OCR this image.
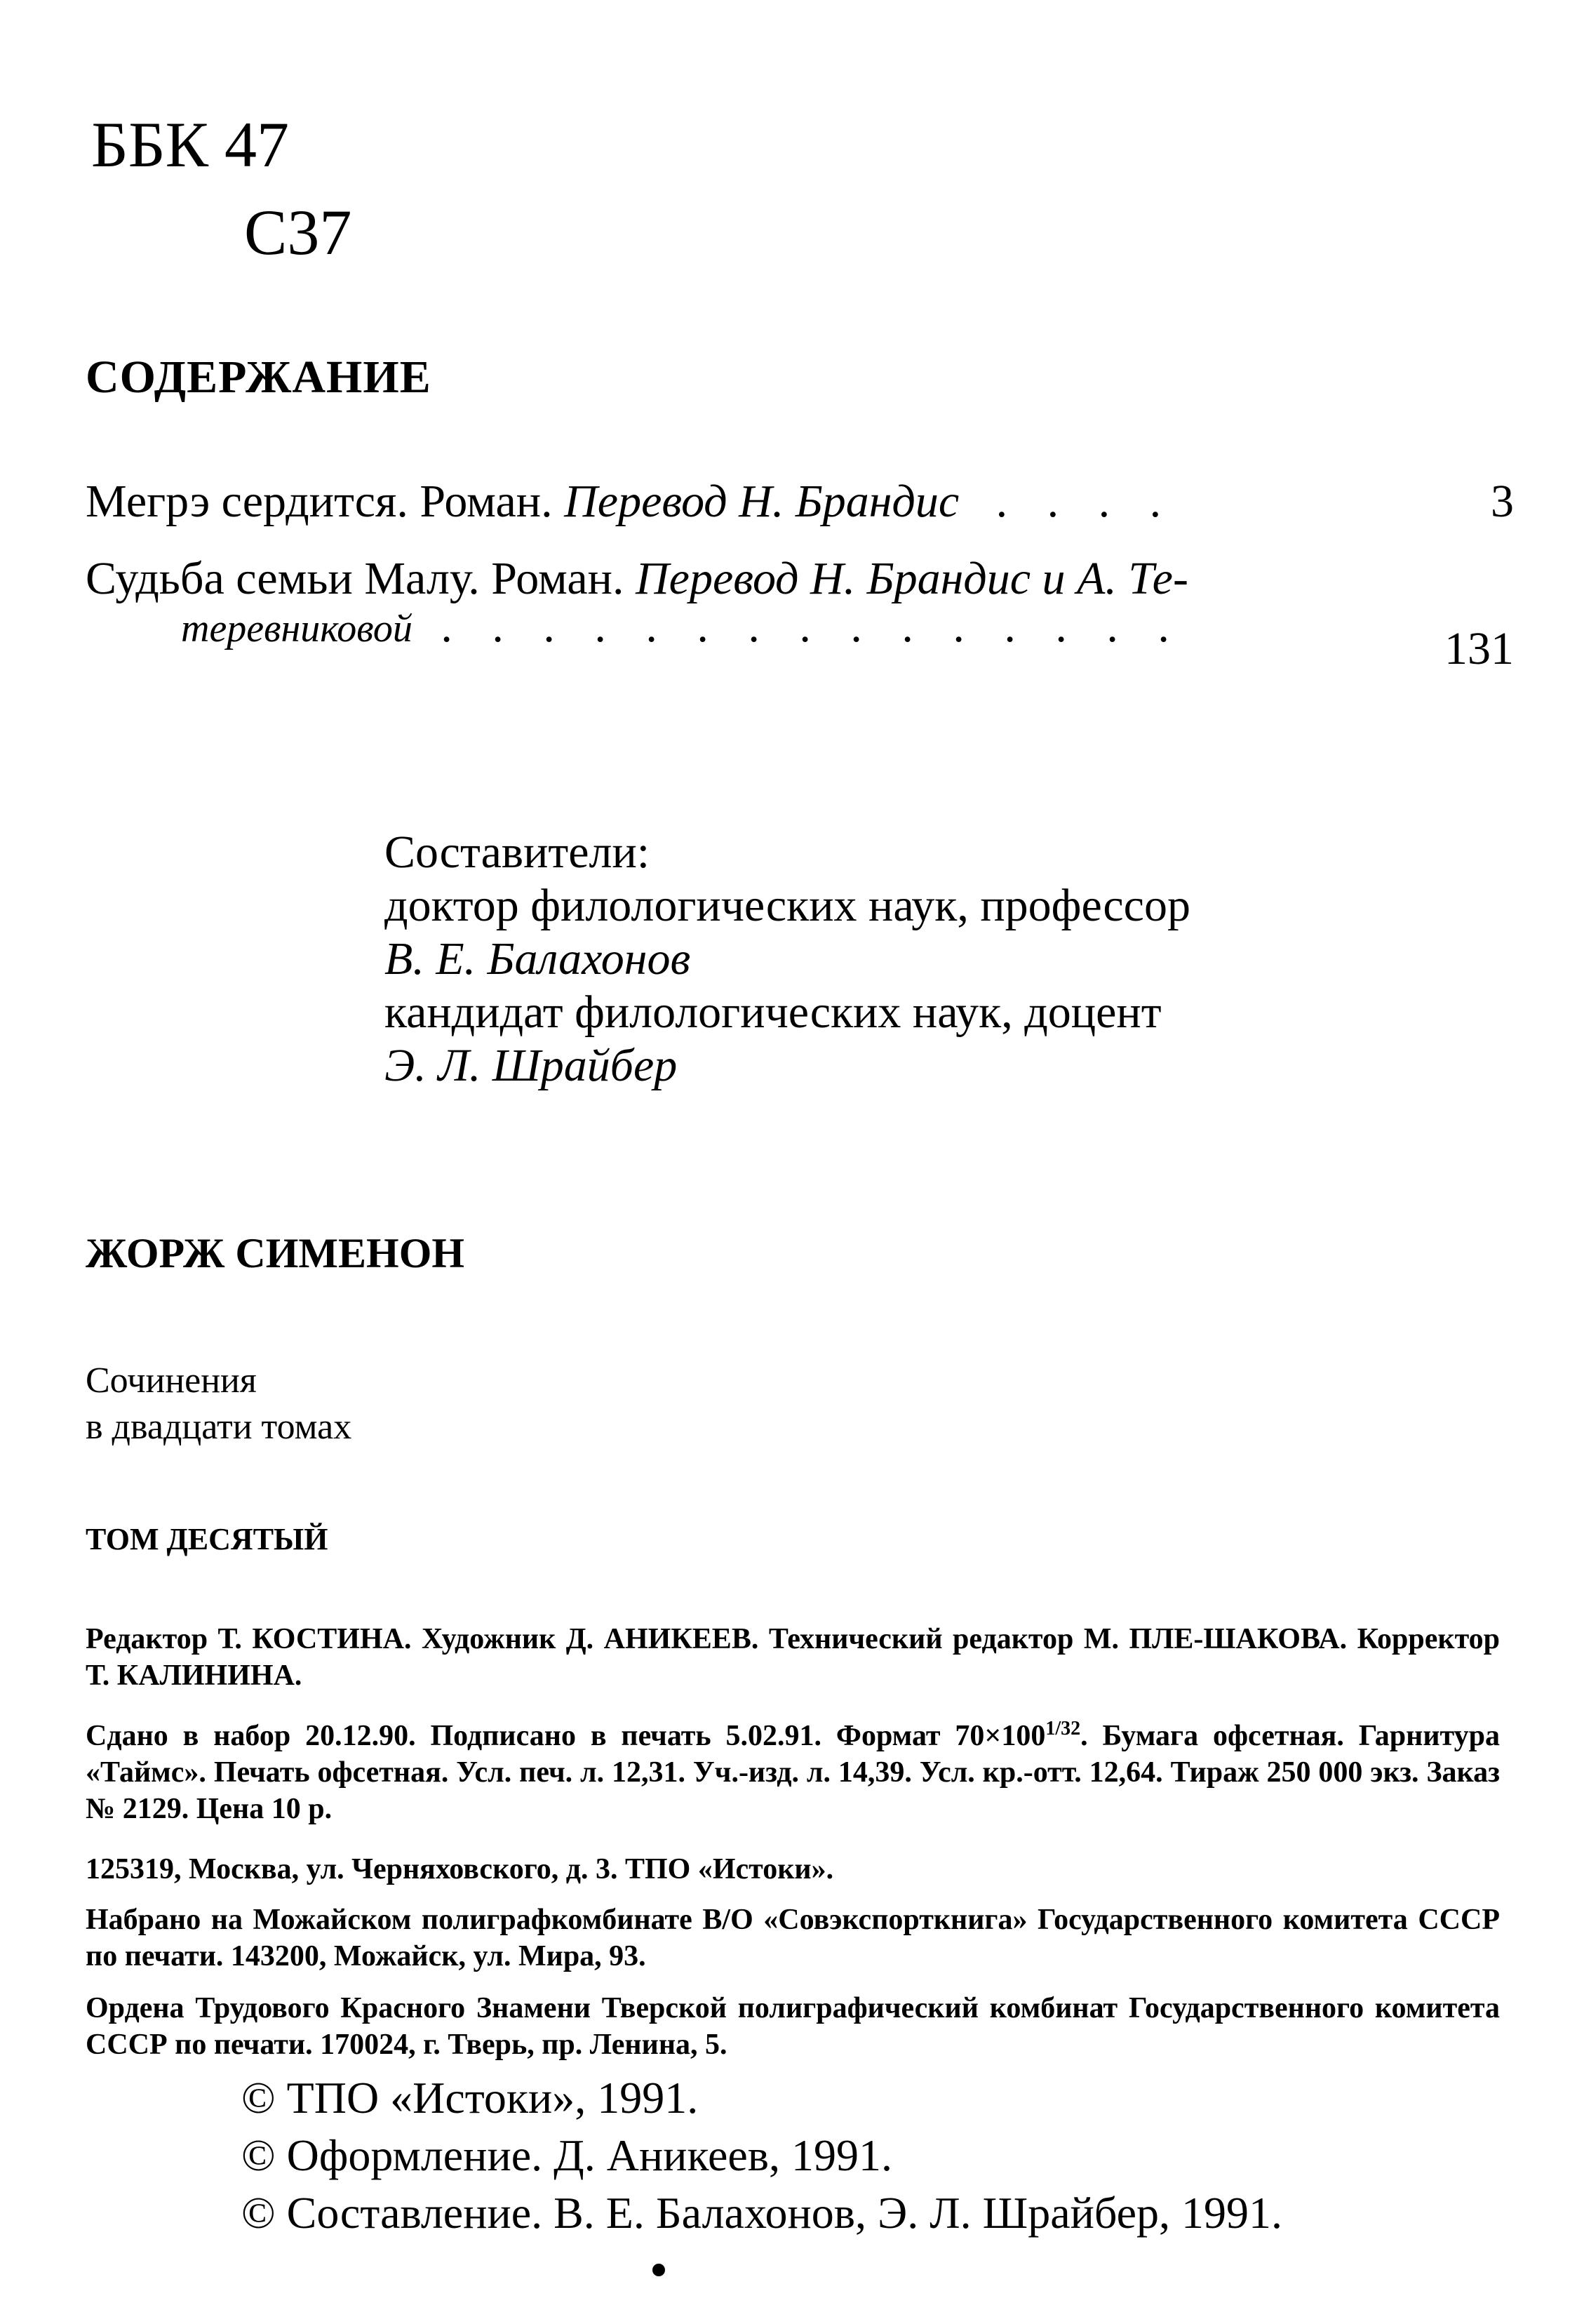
ББК 47
С37
СОДЕРЖАНИЕ
Мегрэ сердится. Роман. Перевод Н. Брандис . . . .	3
Судьба семьи Малу. Роман. Перевод Н. Брандис и А. Те-
теревниковой . . . . . . . . . . . . . . .	131
Составители:
доктор филологических наук, профессор
В. Е. Балахонов
кандидат филологических наук, доцент
Э. Л. Шрайбер
ЖОРЖ СИМЕНОН
Сочинения
в двадцати томах
ТОМ ДЕСЯТЫЙ
Редактор Т. КОСТИНА. Художник Д. АНИКЕЕВ. Технический редактор М. ПЛЕ-ШАКОВА. Корректор Т. КАЛИНИНА.
Сдано в набор 20.12.90. Подписано в печать 5.02.91. Формат $70\times 100^{1/32}$. Бумага офсетная. Гарнитура «Таймс». Печать офсетная. Усл. печ. л. 12,31. Уч.-изд. л. 14,39. Усл. кр.-отт. 12,64. Тираж 250 000 экз. Заказ № 2129. Цена 10 р.
125319, Москва, ул. Черняховского, д. 3. ТПО «Истоки».
Набрано на Можайском полиграфкомбинате В/О «Совэкспорткнига» Государственного комитета СССР по печати. 143200, Можайск, ул. Мира, 93.
Ордена Трудового Красного Знамени Тверской полиграфический комбинат Государственного комитета СССР по печати. 170024, г. Тверь, пр. Ленина, 5.
© ТПО «Истоки», 1991.
© Оформление. Д. Аникеев, 1991.
© Составление. В. Е. Балахонов, Э. Л. Шрайбер, 1991.
